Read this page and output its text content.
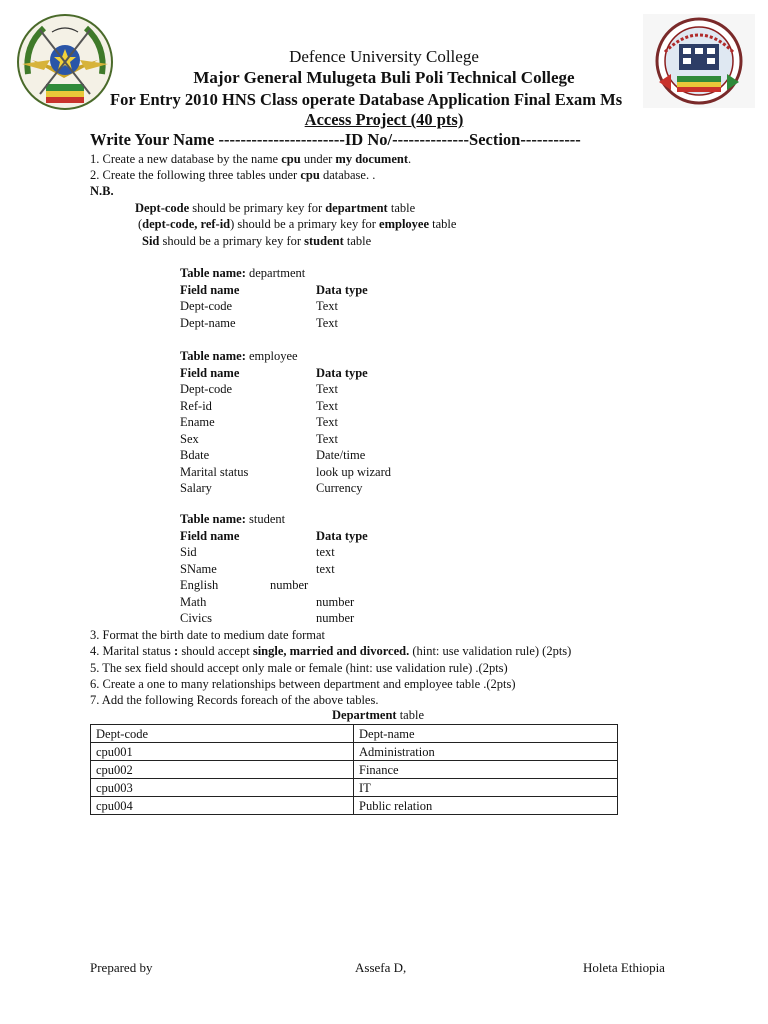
Defence University College
Major General Mulugeta Buli Poli Technical College
For Entry 2010 HNS Class operate Database Application Final Exam Ms
Access Project (40 pts)
Write Your Name -----------------------ID No/--------------Section-----------
1. Create a new database by the name cpu under my document.
2. Create the following three tables under cpu database. .
N.B.
Dept-code should be primary key for department table
(dept-code, ref-id) should be a primary key for employee table
Sid should be a primary key for student table
Table name: department
Field name	Data type
Dept-code	Text
Dept-name	Text
Table name: employee
Field name	Data type
Dept-code	Text
Ref-id	Text
Ename	Text
Sex	Text
Bdate	Date/time
Marital status	look up wizard
Salary	Currency
Table name: student
Field name	Data type
Sid	text
SName	text
English	number
Math	number
Civics	number
3. Format the birth date to medium date format
4. Marital status : should accept single, married and divorced. (hint: use validation rule) (2pts)
5. The sex field should accept only male or female (hint: use validation rule) .(2pts)
6. Create a one to many relationships between department and employee table .(2pts)
7. Add the following Records foreach of the above tables.
Department table
Dept-code	Dept-name
cpu001	Administration
cpu002	Finance
cpu003	IT
cpu004	Public relation
Prepared by	Assefa D,	Holeta Ethiopia
